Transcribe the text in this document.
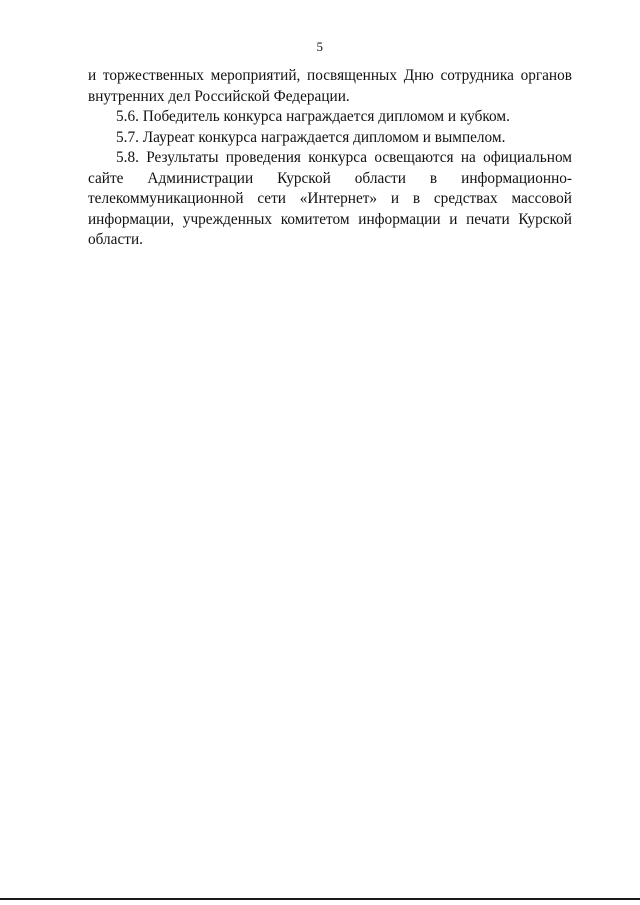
5

и торжественных мероприятий, посвященных Дню сотрудника органов внутренних дел Российской Федерации.

5.6. Победитель конкурса награждается дипломом и кубком.

5.7. Лауреат конкурса награждается дипломом и вымпелом.

5.8. Результаты проведения конкурса освещаются на официальном сайте Администрации Курской области в информационно-телекоммуникационной сети «Интернет» и в средствах массовой информации, учрежденных комитетом информации и печати Курской области.
